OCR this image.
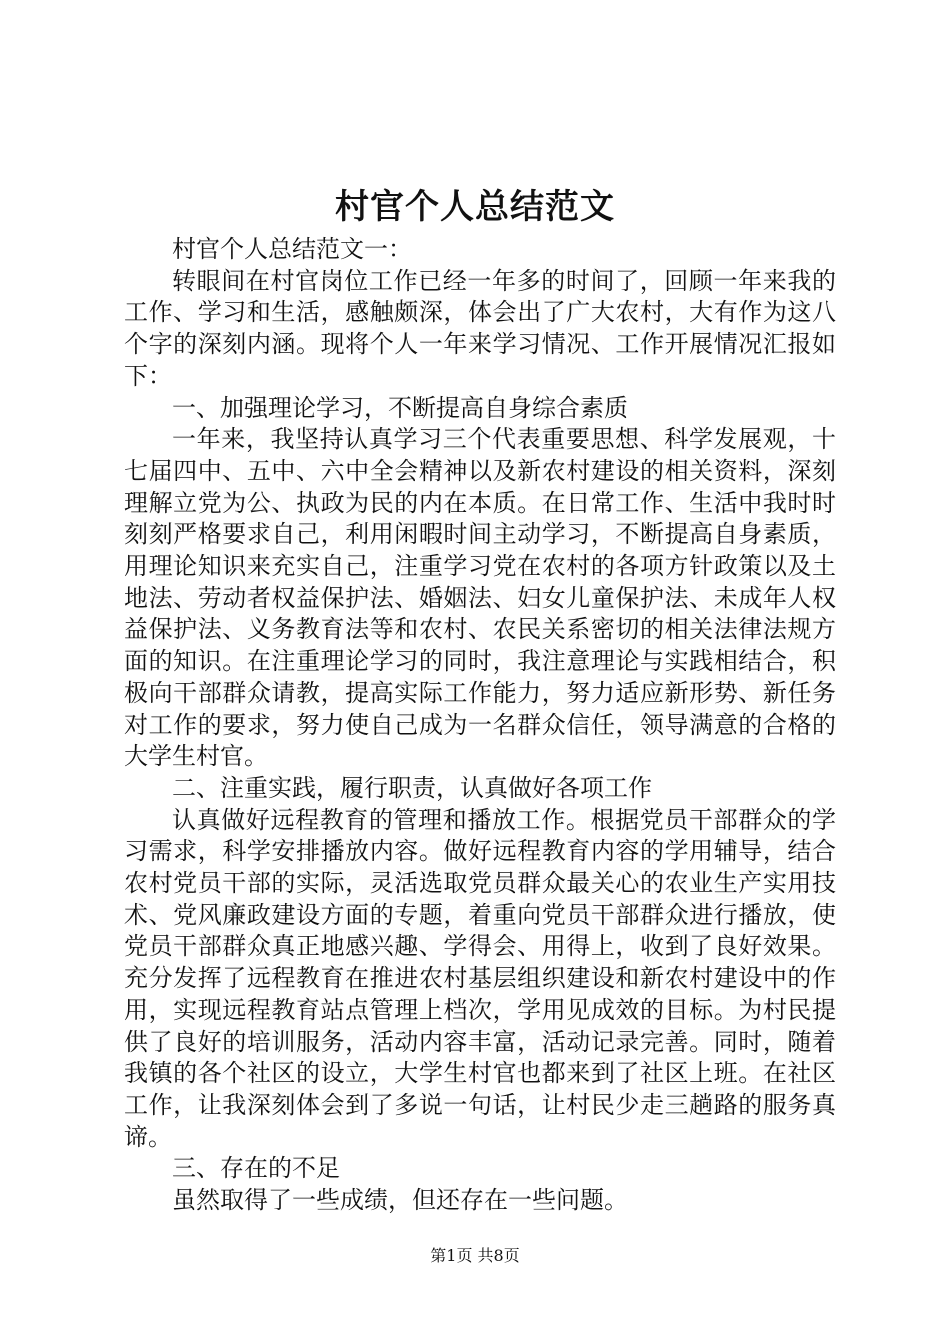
村官个人总结范文

村官个人总结范文一：

转眼间在村官岗位工作已经一年多的时间了，回顾一年来我的工作、学习和生活，感触颇深，体会出了广大农村，大有作为这八个字的深刻内涵。现将个人一年来学习情况、工作开展情况汇报如下：

一、加强理论学习，不断提高自身综合素质

一年来，我坚持认真学习三个代表重要思想、科学发展观，十七届四中、五中、六中全会精神以及新农村建设的相关资料，深刻理解立党为公、执政为民的内在本质。在日常工作、生活中我时时刻刻严格要求自己，利用闲暇时间主动学习，不断提高自身素质，用理论知识来充实自己，注重学习党在农村的各项方针政策以及土地法、劳动者权益保护法、婚姻法、妇女儿童保护法、未成年人权益保护法、义务教育法等和农村、农民关系密切的相关法律法规方面的知识。在注重理论学习的同时，我注意理论与实践相结合，积极向干部群众请教，提高实际工作能力，努力适应新形势、新任务对工作的要求，努力使自己成为一名群众信任，领导满意的合格的大学生村官。

二、注重实践，履行职责，认真做好各项工作

认真做好远程教育的管理和播放工作。根据党员干部群众的学习需求，科学安排播放内容。做好远程教育内容的学用辅导，结合农村党员干部的实际，灵活选取党员群众最关心的农业生产实用技术、党风廉政建设方面的专题，着重向党员干部群众进行播放，使党员干部群众真正地感兴趣、学得会、用得上，收到了良好效果。充分发挥了远程教育在推进农村基层组织建设和新农村建设中的作用，实现远程教育站点管理上档次，学用见成效的目标。为村民提供了良好的培训服务，活动内容丰富，活动记录完善。同时，随着我镇的各个社区的设立，大学生村官也都来到了社区上班。在社区工作，让我深刻体会到了多说一句话，让村民少走三趟路的服务真谛。

三、存在的不足

虽然取得了一些成绩，但还存在一些问题。

第1页 共8页
